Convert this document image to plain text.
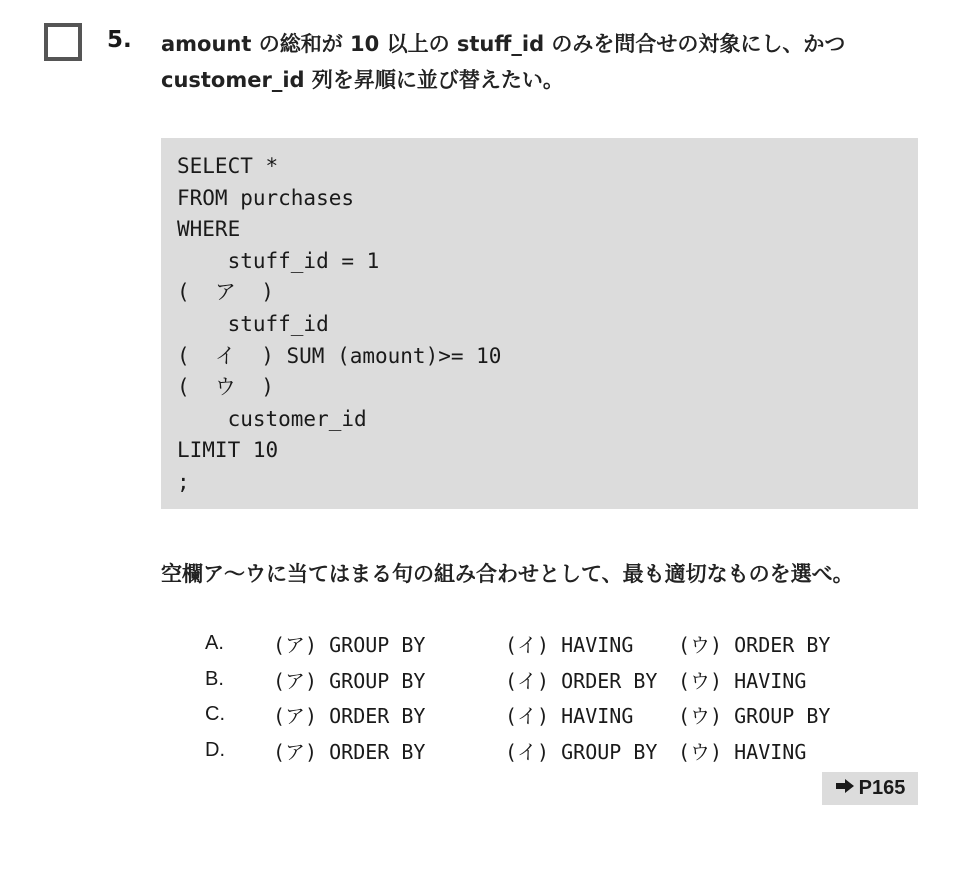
5. amount の総和が 10 以上の stuff_id のみを問合せの対象にし、かつ
customer_id 列を昇順に並び替えたい。
SELECT *
FROM purchases
WHERE
stuff_id = 1
(  ア  )
stuff_id
(  イ  ) SUM (amount)>= 10
(  ウ  )
customer_id
LIMIT 10
;
空欄ア～ウに当てはまる句の組み合わせとして、最も適切なものを選べ。
A.	(ア) GROUP BY	(イ) HAVING	(ウ) ORDER BY
B.	(ア) GROUP BY	(イ) ORDER BY	(ウ) HAVING
C.	(ア) ORDER BY	(イ) HAVING	(ウ) GROUP BY
D.	(ア) ORDER BY	(イ) GROUP BY	(ウ) HAVING
P165
